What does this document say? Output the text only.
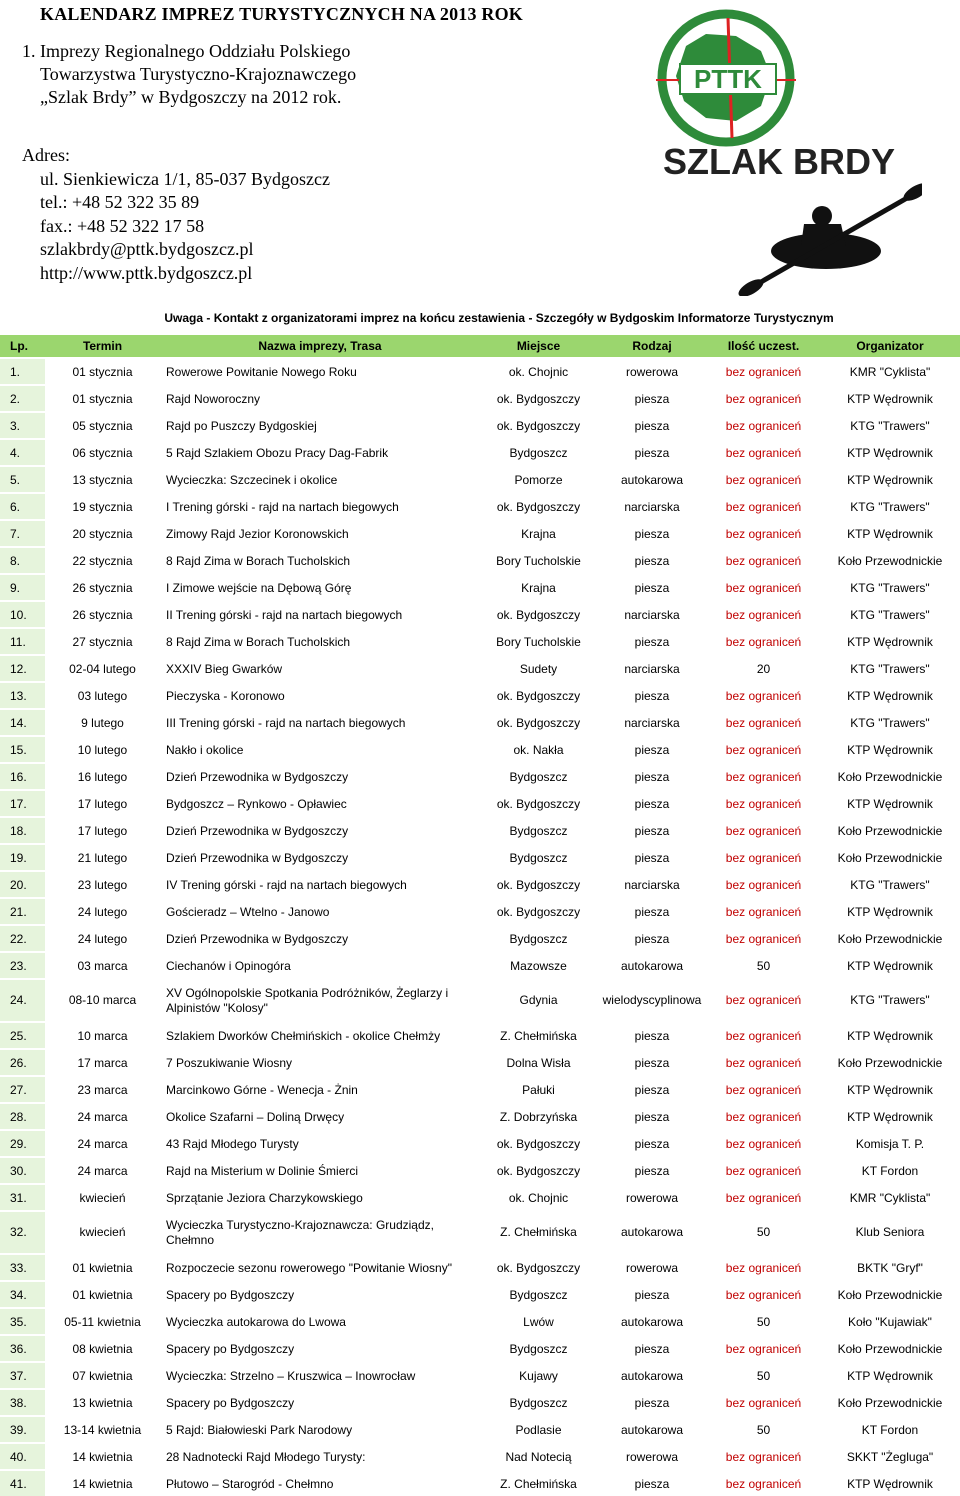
KALENDARZ IMPREZ TURYSTYCZNYCH NA 2013 ROK
1. Imprezy Regionalnego Oddziału Polskiego
Towarzystwa Turystyczno-Krajoznawczego
„Szlak Brdy” w Bydgoszczy na 2012 rok.
Adres:
ul. Sienkiewicza 1/1, 85-037 Bydgoszcz
tel.: +48 52 322 35 89
fax.: +48 52 322 17 58
szlakbrdy@pttk.bydgoszcz.pl
http://www.pttk.bydgoszcz.pl
PTTK
SZLAK BRDY
Uwaga - Kontakt z organizatorami imprez na końcu zestawienia - Szczegóły w Bydgoskim Informatorze Turystycznym
Lp.	Termin	Nazwa imprezy, Trasa	Miejsce	Rodzaj	Ilość uczest.	Organizator
1.	01 stycznia	Rowerowe Powitanie Nowego Roku	ok. Chojnic	rowerowa	bez ograniceń	KMR "Cyklista"
2.	01 stycznia	Rajd Noworoczny	ok. Bydgoszczy	piesza	bez ograniceń	KTP Wędrownik
3.	05 stycznia	Rajd po Puszczy Bydgoskiej	ok. Bydgoszczy	piesza	bez ograniceń	KTG "Trawers"
4.	06 stycznia	5 Rajd Szlakiem Obozu Pracy Dag-Fabrik	Bydgoszcz	piesza	bez ograniceń	KTP Wędrownik
5.	13 stycznia	Wycieczka: Szczecinek i okolice	Pomorze	autokarowa	bez ograniceń	KTP Wędrownik
6.	19 stycznia	I Trening górski - rajd na nartach biegowych	ok. Bydgoszczy	narciarska	bez ograniceń	KTG "Trawers"
7.	20 stycznia	Zimowy Rajd Jezior Koronowskich	Krajna	piesza	bez ograniceń	KTP Wędrownik
8.	22 stycznia	8 Rajd Zima w Borach Tucholskich	Bory Tucholskie	piesza	bez ograniceń	Koło Przewodnickie
9.	26 stycznia	I Zimowe wejście na Dębową Górę	Krajna	piesza	bez ograniceń	KTG "Trawers"
10.	26 stycznia	II Trening górski - rajd na nartach biegowych	ok. Bydgoszczy	narciarska	bez ograniceń	KTG "Trawers"
11.	27 stycznia	8 Rajd Zima w Borach Tucholskich	Bory Tucholskie	piesza	bez ograniceń	KTP Wędrownik
12.	02-04 lutego	XXXIV Bieg Gwarków	Sudety	narciarska	20	KTG "Trawers"
13.	03 lutego	Pieczyska - Koronowo	ok. Bydgoszczy	piesza	bez ograniceń	KTP Wędrownik
14.	9 lutego	III Trening górski - rajd na nartach biegowych	ok. Bydgoszczy	narciarska	bez ograniceń	KTG "Trawers"
15.	10 lutego	Nakło i okolice	ok. Nakła	piesza	bez ograniceń	KTP Wędrownik
16.	16 lutego	Dzień Przewodnika w Bydgoszczy	Bydgoszcz	piesza	bez ograniceń	Koło Przewodnickie
17.	17 lutego	Bydgoszcz – Rynkowo - Opławiec	ok. Bydgoszczy	piesza	bez ograniceń	KTP Wędrownik
18.	17 lutego	Dzień Przewodnika w Bydgoszczy	Bydgoszcz	piesza	bez ograniceń	Koło Przewodnickie
19.	21 lutego	Dzień Przewodnika w Bydgoszczy	Bydgoszcz	piesza	bez ograniceń	Koło Przewodnickie
20.	23 lutego	IV Trening górski - rajd na nartach biegowych	ok. Bydgoszczy	narciarska	bez ograniceń	KTG "Trawers"
21.	24 lutego	Gościeradz – Wtelno - Janowo	ok. Bydgoszczy	piesza	bez ograniceń	KTP Wędrownik
22.	24 lutego	Dzień Przewodnika w Bydgoszczy	Bydgoszcz	piesza	bez ograniceń	Koło Przewodnickie
23.	03 marca	Ciechanów i Opinogóra	Mazowsze	autokarowa	50	KTP Wędrownik
24.	08-10 marca	XV Ogólnopolskie Spotkania Podróżników, Żeglarzy i Alpinistów "Kolosy"	Gdynia	wielodyscyplinowa	bez ograniceń	KTG "Trawers"
25.	10 marca	Szlakiem Dworków Chełmińskich - okolice Chełmży	Z. Chełmińska	piesza	bez ograniceń	KTP Wędrownik
26.	17 marca	7 Poszukiwanie Wiosny	Dolna Wisła	piesza	bez ograniceń	Koło Przewodnickie
27.	23 marca	Marcinkowo Górne - Wenecja - Żnin	Pałuki	piesza	bez ograniceń	KTP Wędrownik
28.	24 marca	Okolice Szafarni – Doliną Drwęcy	Z. Dobrzyńska	piesza	bez ograniceń	KTP Wędrownik
29.	24 marca	43 Rajd Młodego Turysty	ok. Bydgoszczy	piesza	bez ograniceń	Komisja T. P.
30.	24 marca	Rajd na Misterium w Dolinie Śmierci	ok. Bydgoszczy	piesza	bez ograniceń	KT Fordon
31.	kwiecień	Sprzątanie Jeziora Charzykowskiego	ok. Chojnic	rowerowa	bez ograniceń	KMR "Cyklista"
32.	kwiecień	Wycieczka Turystyczno-Krajoznawcza: Grudziądz, Chełmno	Z. Chełmińska	autokarowa	50	Klub Seniora
33.	01 kwietnia	Rozpoczecie sezonu rowerowego "Powitanie Wiosny"	ok. Bydgoszczy	rowerowa	bez ograniceń	BKTK "Gryf"
34.	01 kwietnia	Spacery po Bydgoszczy	Bydgoszcz	piesza	bez ograniceń	Koło Przewodnickie
35.	05-11 kwietnia	Wycieczka autokarowa do Lwowa	Lwów	autokarowa	50	Koło "Kujawiak"
36.	08 kwietnia	Spacery po Bydgoszczy	Bydgoszcz	piesza	bez ograniceń	Koło Przewodnickie
37.	07 kwietnia	Wycieczka: Strzelno – Kruszwica – Inowrocław	Kujawy	autokarowa	50	KTP Wędrownik
38.	13 kwietnia	Spacery po Bydgoszczy	Bydgoszcz	piesza	bez ograniceń	Koło Przewodnickie
39.	13-14 kwietnia	5 Rajd: Białowieski Park Narodowy	Podlasie	autokarowa	50	KT Fordon
40.	14 kwietnia	28 Nadnotecki Rajd Młodego Turysty:	Nad Notecią	rowerowa	bez ograniceń	SKKT "Żegluga"
41.	14 kwietnia	Płutowo – Starogród - Chełmno	Z. Chełmińska	piesza	bez ograniceń	KTP Wędrownik
